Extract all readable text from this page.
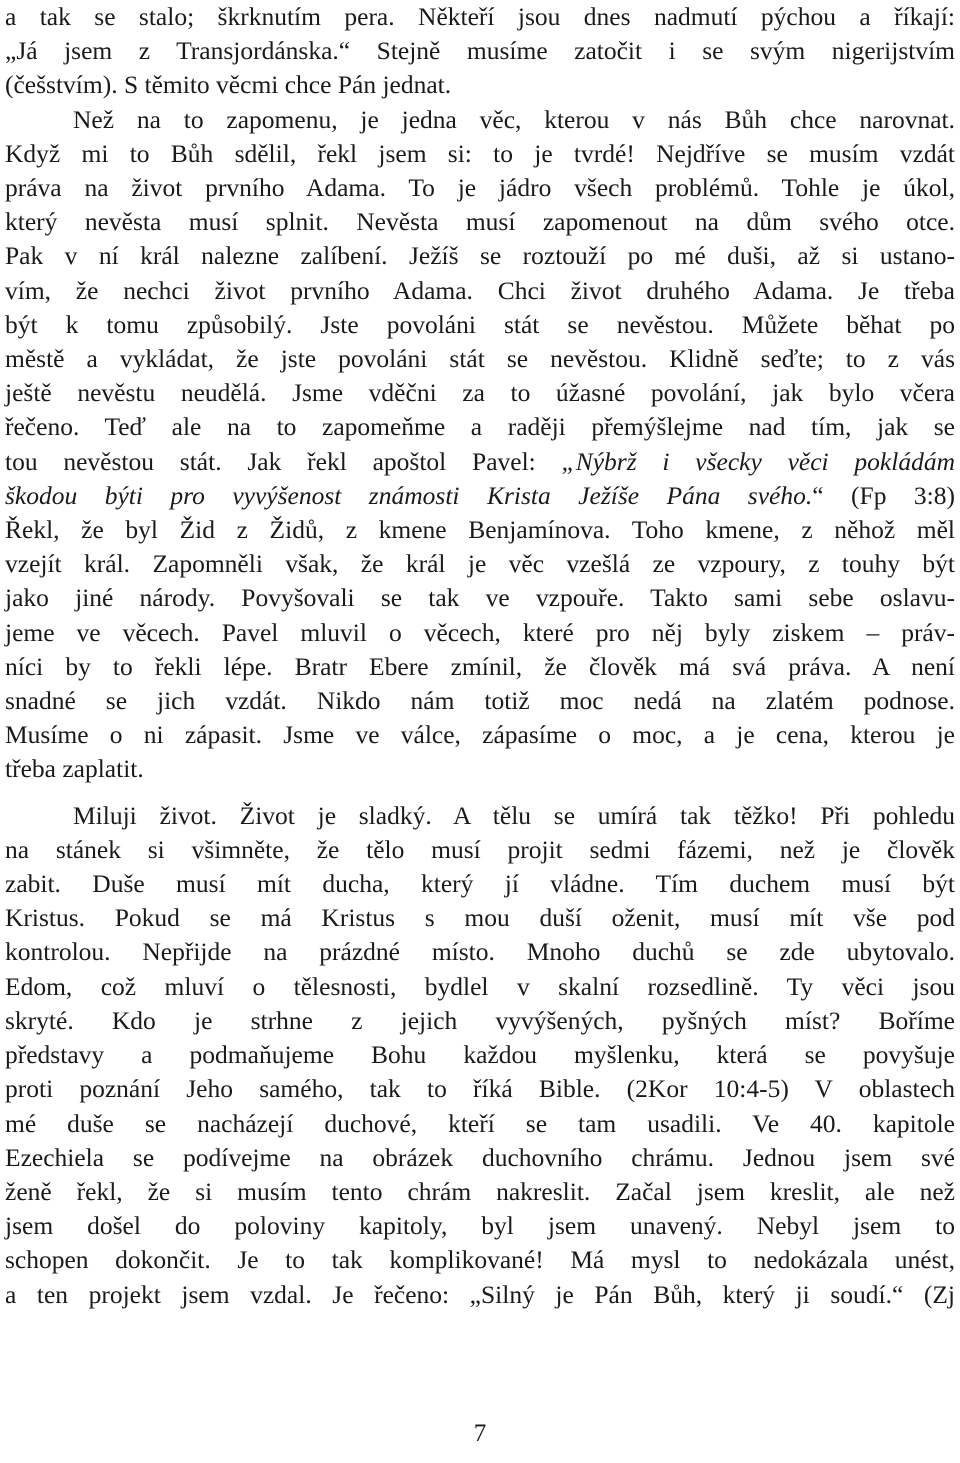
a tak se stalo; škrknutím pera. Někteří jsou dnes nadmutí pýchou a říkají:
„Já jsem z Transjordánska.“ Stejně musíme zatočit i se svým nigerijstvím
(češstvím). S těmito věcmi chce Pán jednat.

Než na to zapomenu, je jedna věc, kterou v nás Bůh chce narovnat.
Když mi to Bůh sdělil, řekl jsem si: to je tvrdé! Nejdříve se musím vzdát
práva na život prvního Adama. To je jádro všech problémů. Tohle je úkol,
který nevěsta musí splnit. Nevěsta musí zapomenout na dům svého otce.
Pak v ní král nalezne zalíbení. Ježíš se roztouží po mé duši, až si ustano-
vím, že nechci život prvního Adama. Chci život druhého Adama. Je třeba
být k tomu způsobilý. Jste povoláni stát se nevěstou. Můžete běhat po
městě a vykládat, že jste povoláni stát se nevěstou. Klidně seďte; to z vás
ještě nevěstu neudělá. Jsme vděčni za to úžasné povolání, jak bylo včera
řečeno. Teď ale na to zapomeňme a raději přemýšlejme nad tím, jak se
tou nevěstou stát. Jak řekl apoštol Pavel: „Nýbrž i všecky věci pokládám
škodou býti pro vyvýšenost známosti Krista Ježíše Pána svého.“ (Fp 3:8)
Řekl, že byl Žid z Židů, z kmene Benjamínova. Toho kmene, z něhož měl
vzejít král. Zapomněli však, že král je věc vzešlá ze vzpoury, z touhy být
jako jiné národy. Povyšovali se tak ve vzpouře. Takto sami sebe oslavu-
jeme ve věcech. Pavel mluvil o věcech, které pro něj byly ziskem – práv-
níci by to řekli lépe. Bratr Ebere zmínil, že člověk má svá práva. A není
snadné se jich vzdát. Nikdo nám totiž moc nedá na zlatém podnose.
Musíme o ni zápasit. Jsme ve válce, zápasíme o moc, a je cena, kterou je
třeba zaplatit.

Miluji život. Život je sladký. A tělu se umírá tak těžko! Při pohledu
na stánek si všimněte, že tělo musí projit sedmi fázemi, než je člověk
zabit. Duše musí mít ducha, který jí vládne. Tím duchem musí být
Kristus. Pokud se má Kristus s mou duší oženit, musí mít vše pod
kontrolou. Nepřijde na prázdné místo. Mnoho duchů se zde ubytovalo.
Edom, což mluví o tělesnosti, bydlel v skalní rozsedlině. Ty věci jsou
skryté. Kdo je strhne z jejich vyvýšených, pyšných míst? Boříme
představy a podmaňujeme Bohu každou myšlenku, která se povyšuje
proti poznání Jeho samého, tak to říká Bible. (2Kor 10:4-5) V oblastech
mé duše se nacházejí duchové, kteří se tam usadili. Ve 40. kapitole
Ezechiela se podívejme na obrázek duchovního chrámu. Jednou jsem své
ženě řekl, že si musím tento chrám nakreslit. Začal jsem kreslit, ale než
jsem došel do poloviny kapitoly, byl jsem unavený. Nebyl jsem to
schopen dokončit. Je to tak komplikované! Má mysl to nedokázala unést,
a ten projekt jsem vzdal. Je řečeno: „Silný je Pán Bůh, který ji soudí.“ (Zj

7
